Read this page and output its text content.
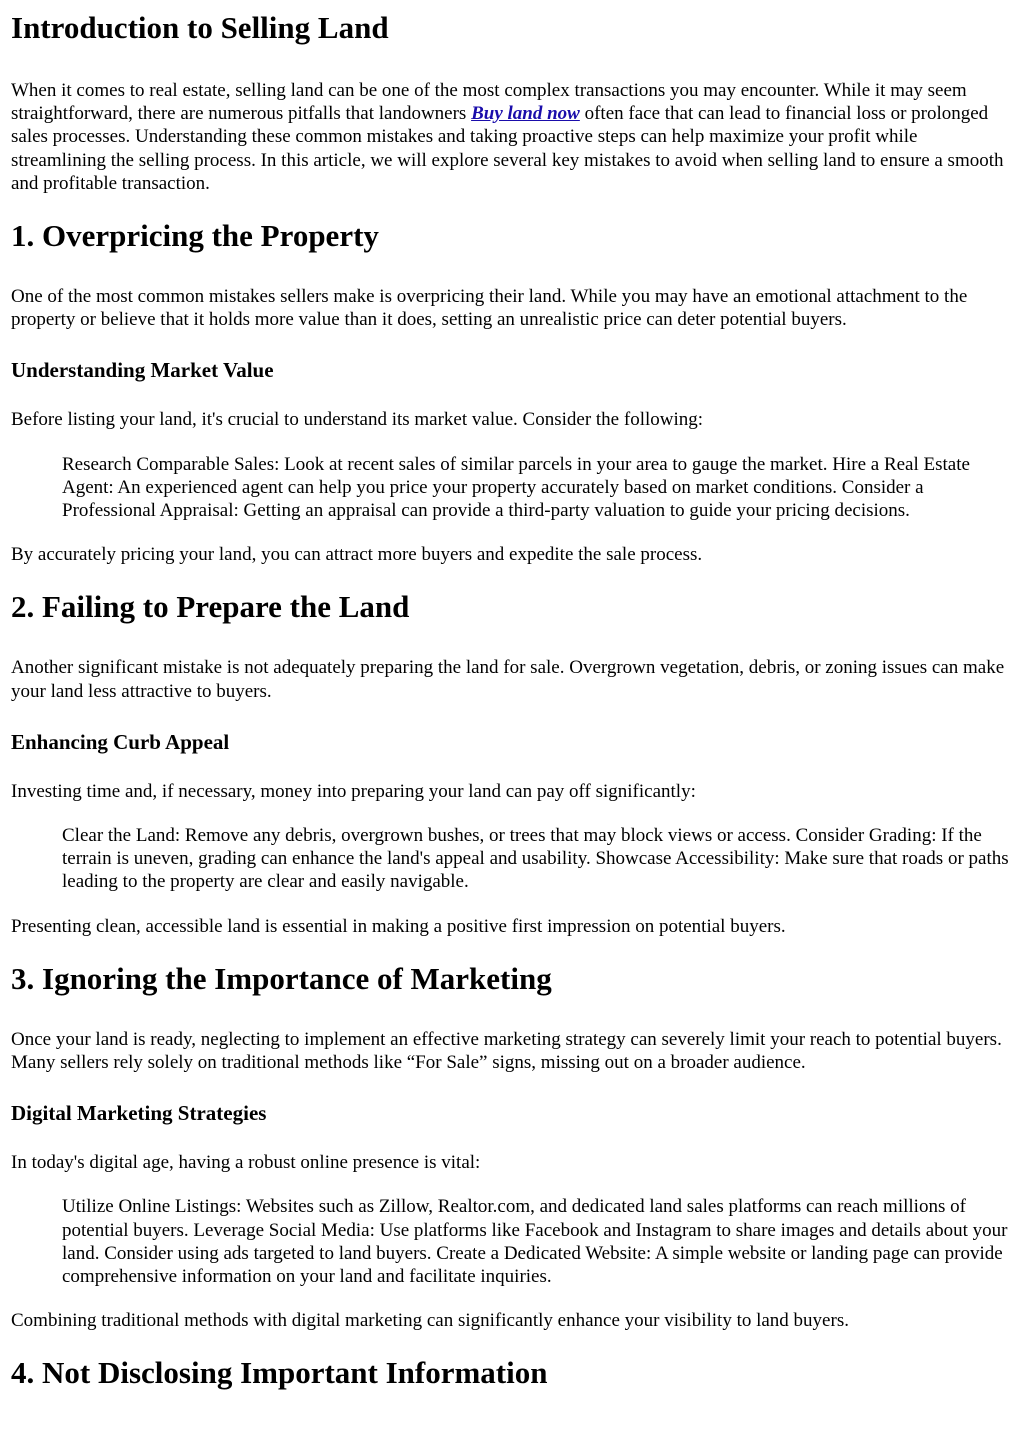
Introduction to Selling Land

When it comes to real estate, selling land can be one of the most complex transactions you may encounter. While it may seem straightforward, there are numerous pitfalls that landowners Buy land now often face that can lead to financial loss or prolonged sales processes. Understanding these common mistakes and taking proactive steps can help maximize your profit while streamlining the selling process. In this article, we will explore several key mistakes to avoid when selling land to ensure a smooth and profitable transaction.

1. Overpricing the Property

One of the most common mistakes sellers make is overpricing their land. While you may have an emotional attachment to the property or believe that it holds more value than it does, setting an unrealistic price can deter potential buyers.

Understanding Market Value

Before listing your land, it's crucial to understand its market value. Consider the following:

Research Comparable Sales: Look at recent sales of similar parcels in your area to gauge the market. Hire a Real Estate Agent: An experienced agent can help you price your property accurately based on market conditions. Consider a Professional Appraisal: Getting an appraisal can provide a third-party valuation to guide your pricing decisions.

By accurately pricing your land, you can attract more buyers and expedite the sale process.

2. Failing to Prepare the Land

Another significant mistake is not adequately preparing the land for sale. Overgrown vegetation, debris, or zoning issues can make your land less attractive to buyers.

Enhancing Curb Appeal

Investing time and, if necessary, money into preparing your land can pay off significantly:

Clear the Land: Remove any debris, overgrown bushes, or trees that may block views or access. Consider Grading: If the terrain is uneven, grading can enhance the land's appeal and usability. Showcase Accessibility: Make sure that roads or paths leading to the property are clear and easily navigable.

Presenting clean, accessible land is essential in making a positive first impression on potential buyers.

3. Ignoring the Importance of Marketing

Once your land is ready, neglecting to implement an effective marketing strategy can severely limit your reach to potential buyers. Many sellers rely solely on traditional methods like “For Sale” signs, missing out on a broader audience.

Digital Marketing Strategies

In today's digital age, having a robust online presence is vital:

Utilize Online Listings: Websites such as Zillow, Realtor.com, and dedicated land sales platforms can reach millions of potential buyers. Leverage Social Media: Use platforms like Facebook and Instagram to share images and details about your land. Consider using ads targeted to land buyers. Create a Dedicated Website: A simple website or landing page can provide comprehensive information on your land and facilitate inquiries.

Combining traditional methods with digital marketing can significantly enhance your visibility to land buyers.

4. Not Disclosing Important Information
